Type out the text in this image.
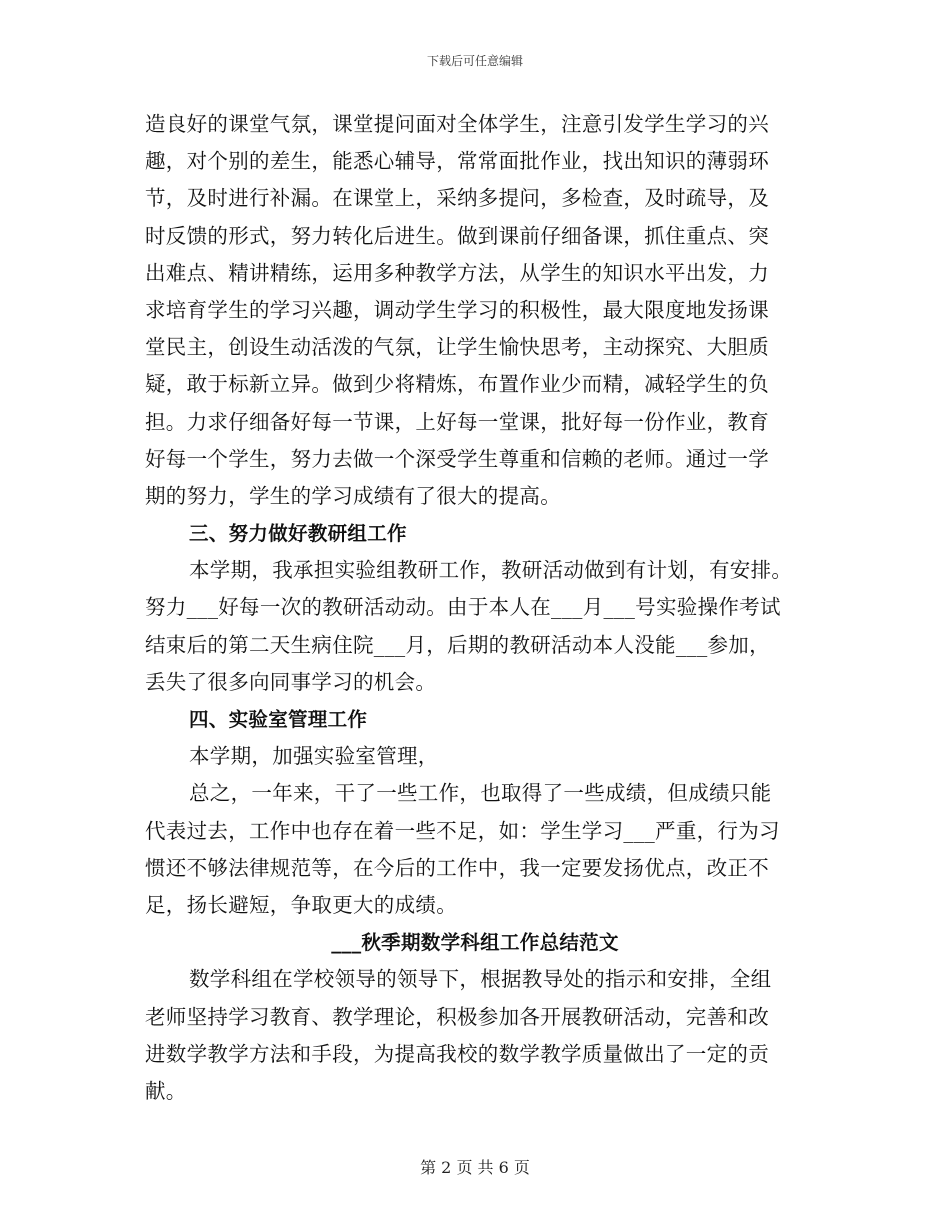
下载后可任意编辑
造良好的课堂气氛，课堂提问面对全体学生，注意引发学生学习的兴
趣，对个别的差生，能悉心辅导，常常面批作业，找出知识的薄弱环
节，及时进行补漏。在课堂上，采纳多提问，多检查，及时疏导，及
时反馈的形式，努力转化后进生。做到课前仔细备课，抓住重点、突
出难点、精讲精练，运用多种教学方法，从学生的知识水平出发，力
求培育学生的学习兴趣，调动学生学习的积极性，最大限度地发扬课
堂民主，创设生动活泼的气氛，让学生愉快思考，主动探究、大胆质
疑，敢于标新立异。做到少将精炼，布置作业少而精，减轻学生的负
担。力求仔细备好每一节课，上好每一堂课，批好每一份作业，教育
好每一个学生，努力去做一个深受学生尊重和信赖的老师。通过一学
期的努力，学生的学习成绩有了很大的提高。
三、努力做好教研组工作
本学期，我承担实验组教研工作，教研活动做到有计划，有安排。
努力___好每一次的教研活动动。由于本人在___月___号实验操作考试
结束后的第二天生病住院___月，后期的教研活动本人没能___参加，
丢失了很多向同事学习的机会。
四、实验室管理工作
本学期，加强实验室管理，
总之，一年来，干了一些工作，也取得了一些成绩，但成绩只能
代表过去，工作中也存在着一些不足，如：学生学习___严重，行为习
惯还不够法律规范等，在今后的工作中，我一定要发扬优点，改正不
足，扬长避短，争取更大的成绩。
___秋季期数学科组工作总结范文
数学科组在学校领导的领导下，根据教导处的指示和安排，全组
老师坚持学习教育、教学理论，积极参加各开展教研活动，完善和改
进数学教学方法和手段，为提高我校的数学教学质量做出了一定的贡
献。
第 2 页 共 6 页
